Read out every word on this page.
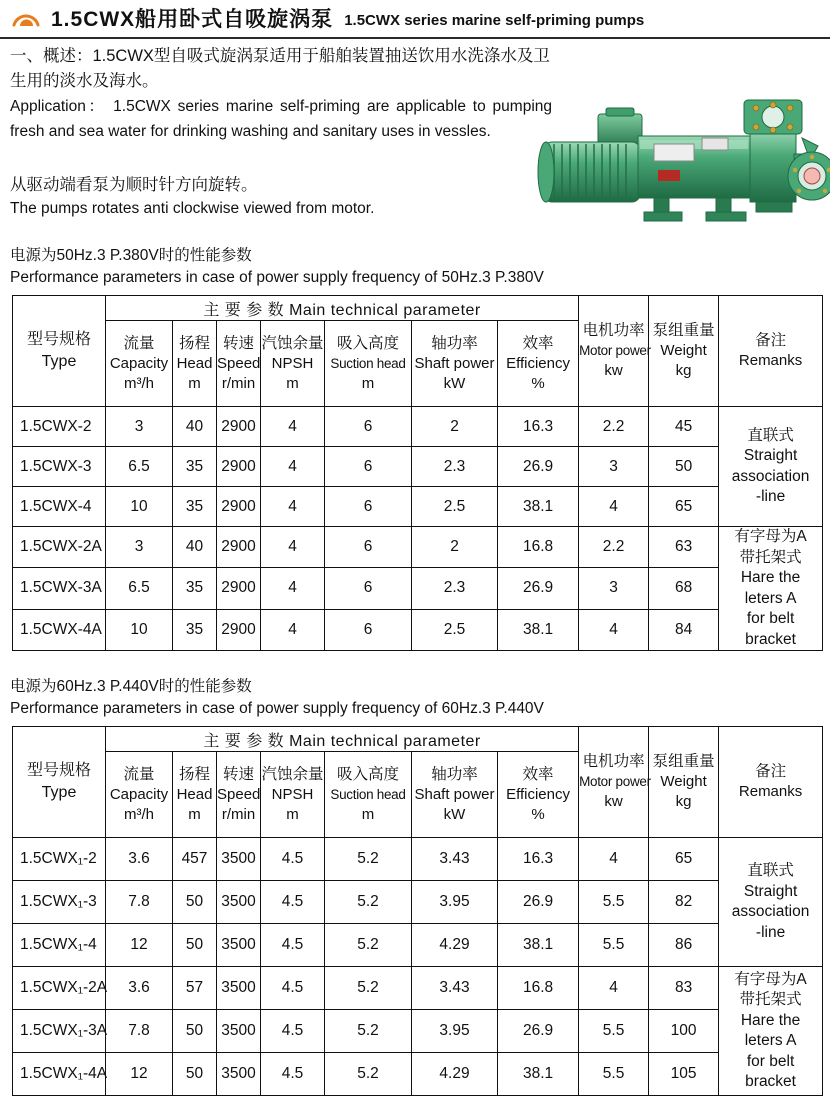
1.5CWX船用卧式自吸旋涡泵 1.5CWX series marine self-priming pumps
一、概述：1.5CWX型自吸式旋涡泵适用于船舶装置抽送饮用水洗涤水及卫生用的淡水及海水。
Application： 1.5CWX series marine self-priming are applicable to pumping fresh and sea water for drinking washing and sanitary uses in vessles.
从驱动端看泵为顺时针方向旋转。
The pumps rotates anti clockwise viewed from motor.
电源为50Hz.3 P.380V时的性能参数
Performance parameters in case of power supply frequency of 50Hz.3 P.380V
型号规格
Type	主 要 参 数 Main technical parameter							电机功率
Motor power
kw	泵组重量
Weight
kg	备注
Remanks

	流量
Capacity
m³/h	扬程
Head
m	转速
Speed
r/min	汽蚀余量
NPSH
m	吸入高度
Suction head
m	轴功率
Shaft power
kW	效率
Efficiency
%			

1.5CWX-2	3	40	2900	4	6	2	16.3	2.2	45	直联式
Straight
association
-line

1.5CWX-3	6.5	35	2900	4	6	2.3	26.9	3	50	
1.5CWX-4	10	35	2900	4	6	2.5	38.1	4	65	
1.5CWX-2A	3	40	2900	4	6	2	16.8	2.2	63	
有字母为A
带托架式
Hare the
leters A
for belt
bracket

1.5CWX-3A	6.5	35	2900	4	6	2.3	26.9	3	68	
1.5CWX-4A	10	35	2900	4	6	2.5	38.1	4	84	
电源为60Hz.3 P.440V时的性能参数
Performance parameters in case of power supply frequency of 60Hz.3 P.440V
型号规格
Type	主 要 参 数 Main technical parameter							电机功率
Motor power
kw	泵组重量
Weight
kg	备注
Remanks

	流量
Capacity
m³/h	扬程
Head
m	转速
Speed
r/min	汽蚀余量
NPSH
m	吸入高度
Suction head
m	轴功率
Shaft power
kW	效率
Efficiency
%			

1.5CWX₁-2	3.6	457	3500	4.5	5.2	3.43	16.3	4	65	直联式
Straight
association
-line

1.5CWX₁-3	7.8	50	3500	4.5	5.2	3.95	26.9	5.5	82	
1.5CWX₁-4	12	50	3500	4.5	5.2	4.29	38.1	5.5	86	
1.5CWX₁-2A	3.6	57	3500	4.5	5.2	3.43	16.8	4	83	有字母为A
带托架式
Hare the
leters A
for belt
bracket

1.5CWX₁-3A	7.8	50	3500	4.5	5.2	3.95	26.9	5.5	100	
1.5CWX₁-4A	12	50	3500	4.5	5.2	4.29	38.1	5.5	105	
